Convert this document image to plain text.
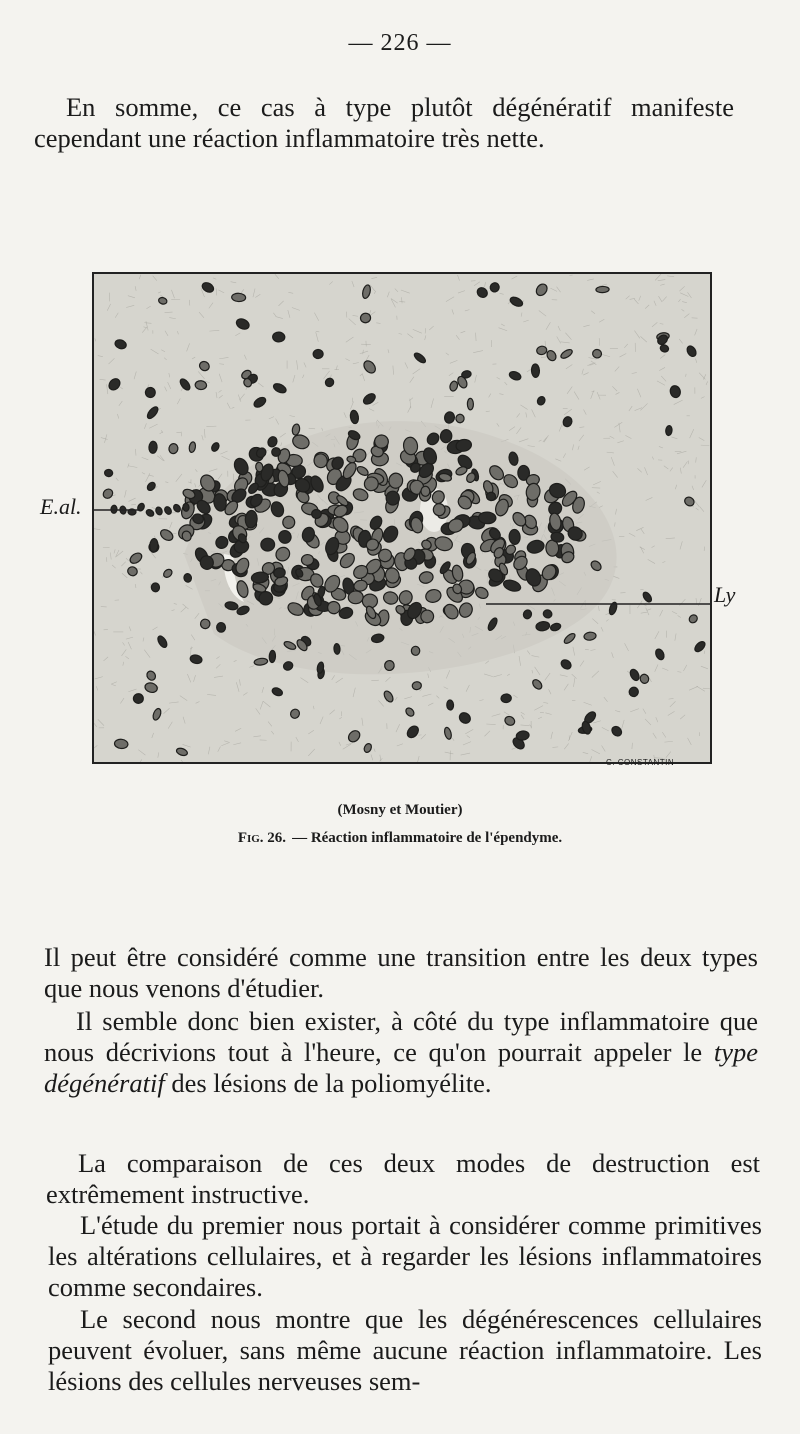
— 226 —

En somme, ce cas à type plutôt dégénératif manifeste cependant une réaction inflammatoire très nette.

E.al.
Ly
C. CONSTANTIN
(Mosny et Moutier)
Fig. 26. — Réaction inflammatoire de l'épendyme.

Il peut être considéré comme une transition entre les deux types que nous venons d'étudier.

Il semble donc bien exister, à côté du type inflammatoire que nous décrivions tout à l'heure, ce qu'on pourrait appeler le type dégénératif des lésions de la poliomyélite.

La comparaison de ces deux modes de destruction est extrêmement instructive.

L'étude du premier nous portait à considérer comme primitives les altérations cellulaires, et à regarder les lésions inflammatoires comme secondaires.

Le second nous montre que les dégénérescences cellulaires peuvent évoluer, sans même aucune réaction inflammatoire. Les lésions des cellules nerveuses sem-
